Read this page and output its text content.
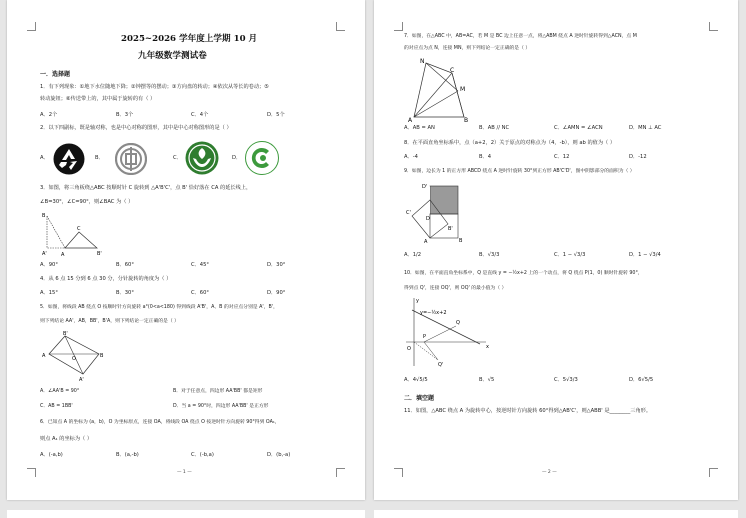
2025~2026 学年度上学期 10 月
九年级数学测试卷
一．选择题
1．有下列现象：①地下水位随地下降；②钟摆等的摆动；③方向盘的转动；④依次从等长的卷动；⑤
转动旋钮；⑥传送带上的，其中属于旋转的有（ ）
A．2个	B．3个	C．4个	D．5个
2．以下四副标，既是轴对称，也是中心对称的图形，其中是中心对称图形的是（ ）
A．	B．	C．	D．
3．如图，将三角板绕△ABC 按顺时针 C 旋转到 △A'B'C'，点 B' 恰好落在 CA 的延长线上，
∠B=30°，∠C=90°，则∠BAC 为（ ）
B
C
A	B'
A'
A．90°	B．60°	C．45°	D．30°
4．从 6 点 15 分到 6 点 30 分，分针旋转的角度为（ ）
A．15°	B．30°	C．60°	D．90°
5．如图，将线段 AB 绕点 O 按顺时针方向旋转 a°(0<a<180) 得到线段 A'B'，A、B 的对应点分别是 A'，B'，
则下列结论 AA'，AB，BB'，B'A，则下列结论一定正确的是（ ）
A	B
O
B'
A'
A．∠AA'B = 90°	B．对于任意点，四边形 AA'BB' 都是矩形
C．AB = 1BB'	D．当 a = 90°时，四边形 AA'BB' 是正方形
6．已知点 A 的坐标为 (a，b)，O 为坐标原点，连接 OA，将线段 OA 绕点 O 按逆时针方向旋转 90°得到 OA₁，
则点 A₁ 的坐标为（ ）
A．(-a,b)	B．(a,-b)	C．(-b,a)	D．(b,-a)
— 1 —
7．如图，在△ABC 中，AB=AC，若 M 是 BC 边上任意一点，将△ABM 绕点 A 逆时针旋转得到△ACN，点 M
的对应点为点 N，连接 MN，则下列结论一定正确的是（ ）
N
C
M
A	B
A．AB = AN	B．AB // NC	C．∠AMN = ∠ACN	D．MN ⊥ AC
8．在平面直角坐标系中，点（a+2，2）关于原点的对称点为（4，-b），则 ab 的值为（ ）
A．-4	B．4	C．12	D．-12
9．如图，边长为 1 的正方形 ABCD 绕点 A 逆时针旋转 30°到正方形 AB'C'D'，图中阴影部分的面积为（ ）
D'
C'
D
B'
A	B
A．1/2	B．√3/3	C．1 − √3/3	D．1 − √3/4
10．如图，在平面直角坐标系中，Q 是直线 y = −½x+2 上的一个动点，将 Q 绕点 P(1，0) 顺时针旋转 90°，
得到点 Q'，连接 OQ'，则 OQ' 的最小值为（ ）
y
y=−½x+2
O
P
x
Q
Q'
A．4√5/5	B．√5	C．5√3/3	D．6√5/5
二．填空题
11．如图，△ABC 绕点 A 为旋转中心，按逆时针方向旋转 60°得到△AB'C'，则△ABB' 是________三角形。
— 2 —
